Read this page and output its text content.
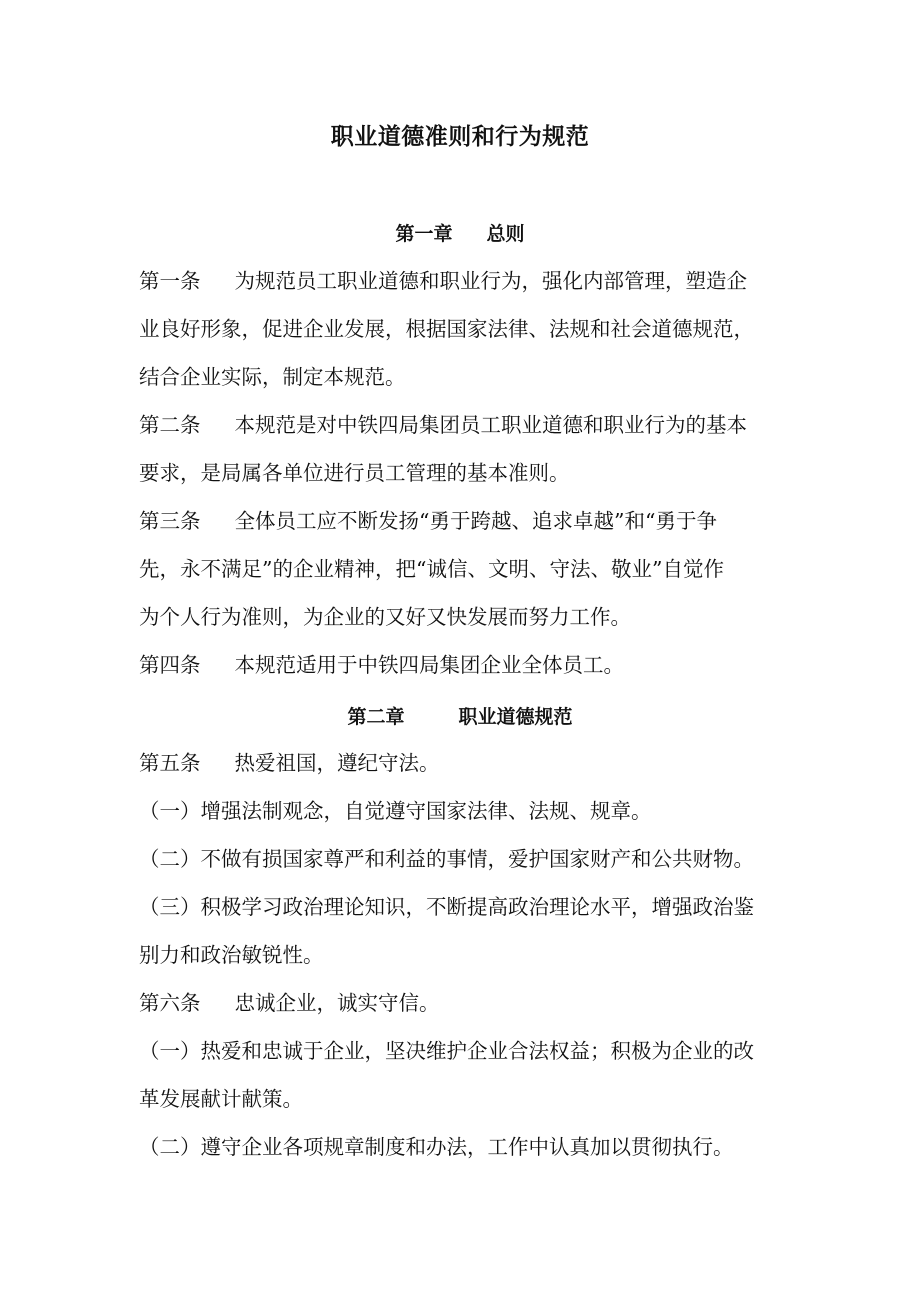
职业道德准则和行为规范
第一章 总则
第一条 为规范员工职业道德和职业行为，强化内部管理，塑造企
业良好形象，促进企业发展，根据国家法律、法规和社会道德规范，
结合企业实际，制定本规范。
第二条 本规范是对中铁四局集团员工职业道德和职业行为的基本
要求，是局属各单位进行员工管理的基本准则。
第三条 全体员工应不断发扬“勇于跨越、追求卓越”和“勇于争
先，永不满足”的企业精神，把“诚信、文明、守法、敬业”自觉作
为个人行为准则，为企业的又好又快发展而努力工作。
第四条 本规范适用于中铁四局集团企业全体员工。
第二章	职业道德规范
第五条 热爱祖国，遵纪守法。
（一）增强法制观念，自觉遵守国家法律、法规、规章。
（二）不做有损国家尊严和利益的事情，爱护国家财产和公共财物。
（三）积极学习政治理论知识，不断提高政治理论水平，增强政治鉴
别力和政治敏锐性。
第六条 忠诚企业，诚实守信。
（一）热爱和忠诚于企业，坚决维护企业合法权益；积极为企业的改
革发展献计献策。
（二）遵守企业各项规章制度和办法，工作中认真加以贯彻执行。
